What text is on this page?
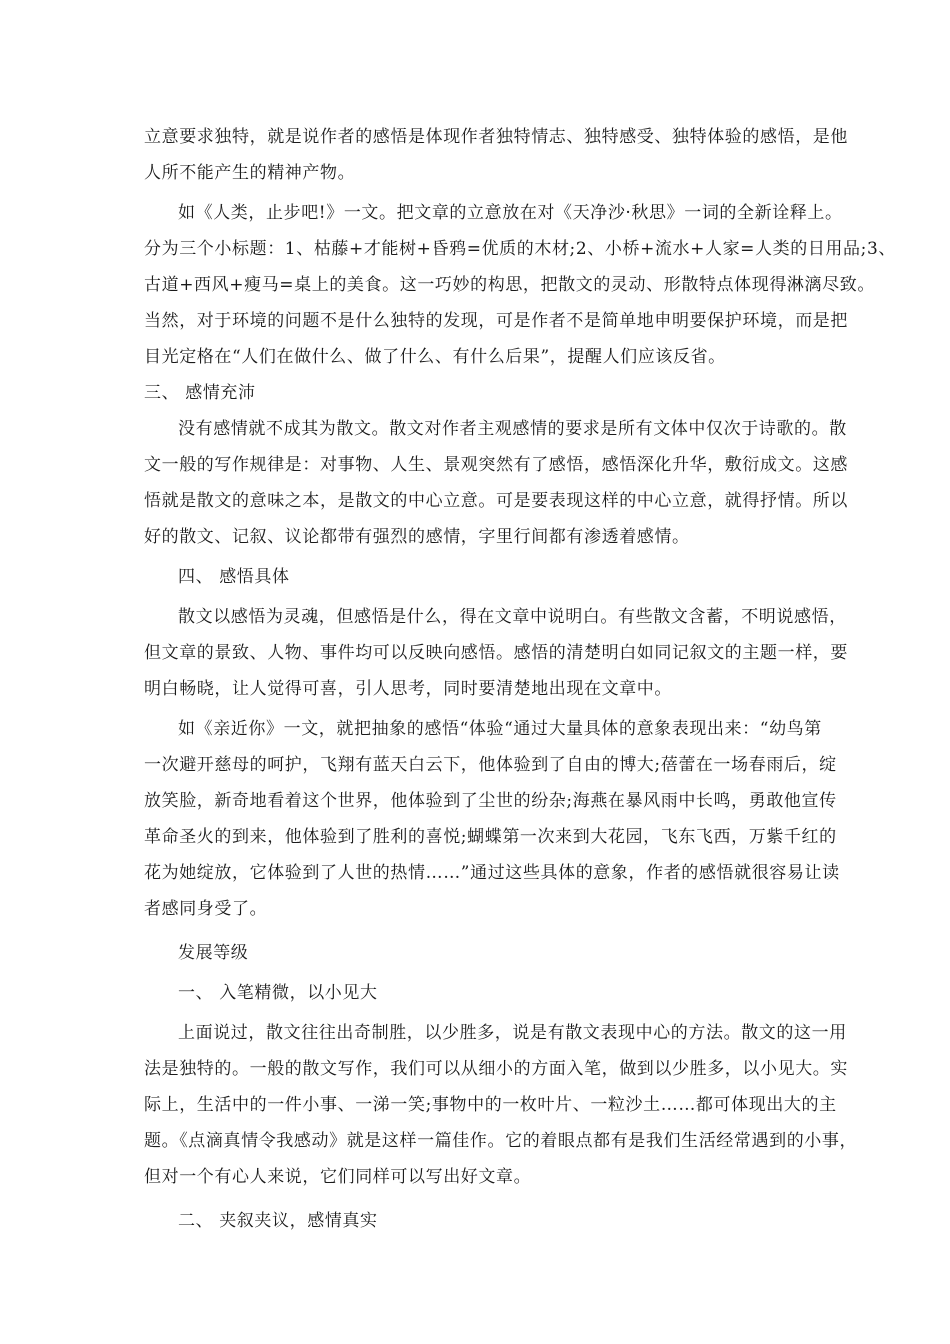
立意要求独特，就是说作者的感悟是体现作者独特情志、独特感受、独特体验的感悟，是他
人所不能产生的精神产物。
如《人类，止步吧!》一文。把文章的立意放在对《天净沙·秋思》一词的全新诠释上。
分为三个小标题：1、枯藤+才能树+昏鸦=优质的木材;2、小桥+流水+人家=人类的日用品;3、
古道+西风+瘦马=桌上的美食。这一巧妙的构思，把散文的灵动、形散特点体现得淋漓尽致。
当然，对于环境的问题不是什么独特的发现，可是作者不是简单地申明要保护环境，而是把
目光定格在“人们在做什么、做了什么、有什么后果”，提醒人们应该反省。
三、 感情充沛
没有感情就不成其为散文。散文对作者主观感情的要求是所有文体中仅次于诗歌的。散
文一般的写作规律是：对事物、人生、景观突然有了感悟，感悟深化升华，敷衍成文。这感
悟就是散文的意味之本，是散文的中心立意。可是要表现这样的中心立意，就得抒情。所以
好的散文、记叙、议论都带有强烈的感情，字里行间都有渗透着感情。
四、 感悟具体
散文以感悟为灵魂，但感悟是什么，得在文章中说明白。有些散文含蓄，不明说感悟，
但文章的景致、人物、事件均可以反映向感悟。感悟的清楚明白如同记叙文的主题一样，要
明白畅晓，让人觉得可喜，引人思考，同时要清楚地出现在文章中。
如《亲近你》一文，就把抽象的感悟“体验“通过大量具体的意象表现出来：“幼鸟第
一次避开慈母的呵护，飞翔有蓝天白云下，他体验到了自由的博大;蓓蕾在一场春雨后，绽
放笑脸，新奇地看着这个世界，他体验到了尘世的纷杂;海燕在暴风雨中长鸣，勇敢他宣传
革命圣火的到来，他体验到了胜利的喜悦;蝴蝶第一次来到大花园，飞东飞西，万紫千红的
花为她绽放，它体验到了人世的热情……”通过这些具体的意象，作者的感悟就很容易让读
者感同身受了。
发展等级
一、 入笔精微，以小见大
上面说过，散文往往出奇制胜，以少胜多，说是有散文表现中心的方法。散文的这一用
法是独特的。一般的散文写作，我们可以从细小的方面入笔，做到以少胜多，以小见大。实
际上，生活中的一件小事、一涕一笑;事物中的一枚叶片、一粒沙土……都可体现出大的主
题。《点滴真情令我感动》就是这样一篇佳作。它的着眼点都有是我们生活经常遇到的小事，
但对一个有心人来说，它们同样可以写出好文章。
二、 夹叙夹议，感情真实
